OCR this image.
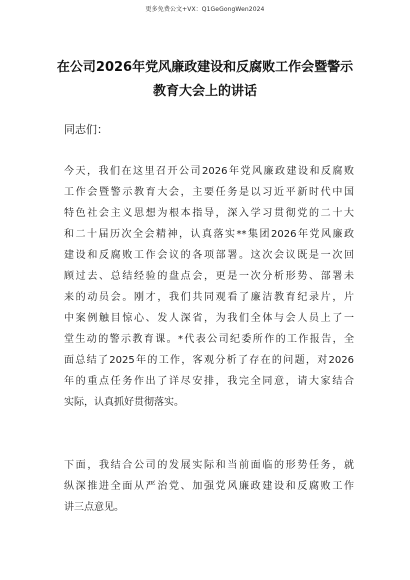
更多免费公文+VX：Q1GeGongWen2024
在公司2026年党风廉政建设和反腐败工作会暨警示
教育大会上的讲话
同志们：
今天，我们在这里召开公司2026年党风廉政建设和反腐败
工作会暨警示教育大会，主要任务是以习近平新时代中国
特色社会主义思想为根本指导，深入学习贯彻党的二十大
和二十届历次全会精神，认真落实**集团2026年党风廉政
建设和反腐败工作会议的各项部署。这次会议既是一次回
顾过去、总结经验的盘点会，更是一次分析形势、部署未
来的动员会。刚才，我们共同观看了廉洁教育纪录片，片
中案例触目惊心、发人深省，为我们全体与会人员上了一
堂生动的警示教育课。*代表公司纪委所作的工作报告，全
面总结了2025年的工作，客观分析了存在的问题，对2026
年的重点任务作出了详尽安排，我完全同意，请大家结合
实际，认真抓好贯彻落实。
下面，我结合公司的发展实际和当前面临的形势任务，就
纵深推进全面从严治党、加强党风廉政建设和反腐败工作
讲三点意见。
